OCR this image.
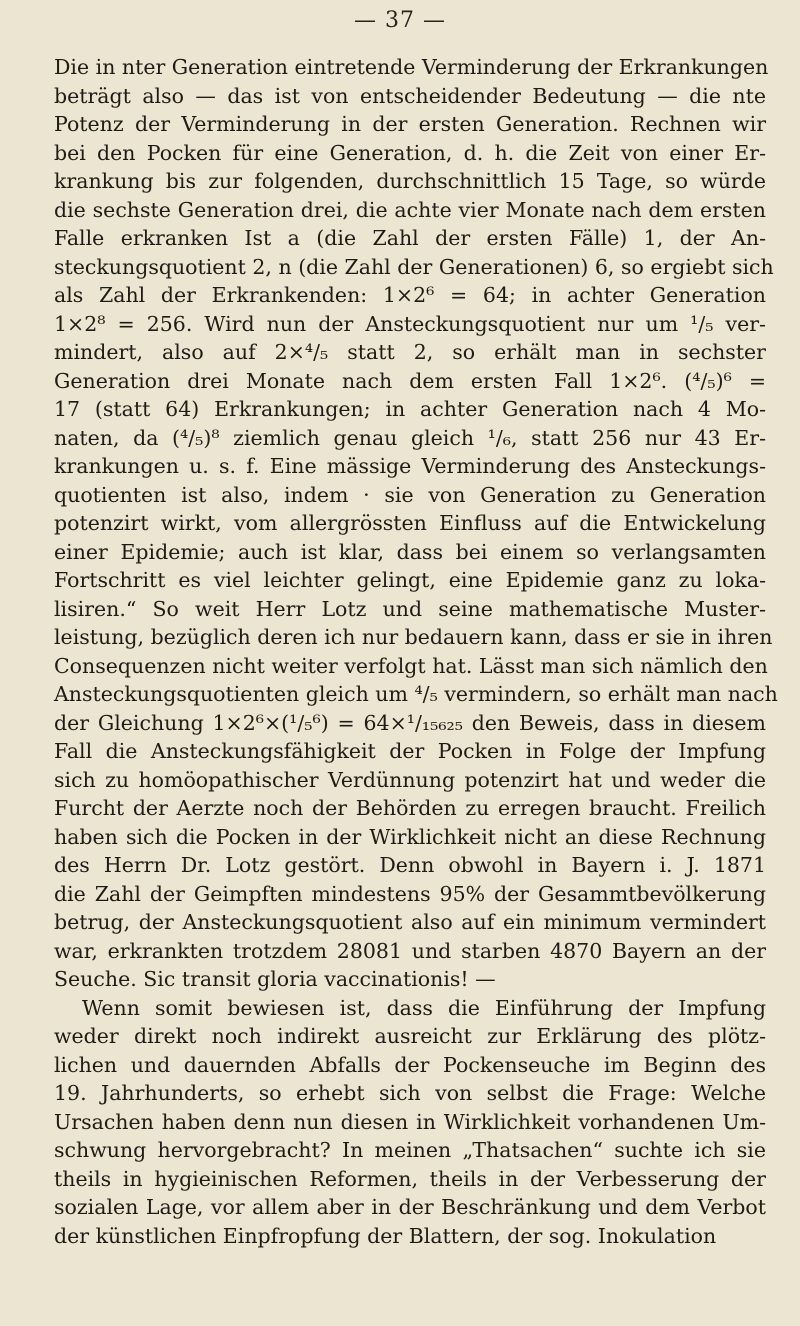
— 37 —
Die in nter Generation eintretende Verminderung der Erkrankungen
beträgt also — das ist von entscheidender Bedeutung — die nte
Potenz der Verminderung in der ersten Generation. Rechnen wir
bei den Pocken für eine Generation, d. h. die Zeit von einer Er-
krankung bis zur folgenden, durchschnittlich 15 Tage, so würde
die sechste Generation drei, die achte vier Monate nach dem ersten
Falle erkranken Ist a (die Zahl der ersten Fälle) 1, der An-
steckungsquotient 2, n (die Zahl der Generationen) 6, so ergiebt sich
als Zahl der Erkrankenden: 1×2⁶ = 64; in achter Generation
1×2⁸ = 256. Wird nun der Ansteckungsquotient nur um ¹/₅ ver-
mindert, also auf 2×⁴/₅ statt 2, so erhält man in sechster
Generation drei Monate nach dem ersten Fall 1×2⁶. (⁴/₅)⁶ =
17 (statt 64) Erkrankungen; in achter Generation nach 4 Mo-
naten, da (⁴/₅)⁸ ziemlich genau gleich ¹/₆, statt 256 nur 43 Er-
krankungen u. s. f. Eine mässige Verminderung des Ansteckungs-
quotienten ist also, indem · sie von Generation zu Generation
potenzirt wirkt, vom allergrössten Einfluss auf die Entwickelung
einer Epidemie; auch ist klar, dass bei einem so verlangsamten
Fortschritt es viel leichter gelingt, eine Epidemie ganz zu loka-
lisiren.“ So weit Herr Lotz und seine mathematische Muster-
leistung, bezüglich deren ich nur bedauern kann, dass er sie in ihren
Consequenzen nicht weiter verfolgt hat. Lässt man sich nämlich den
Ansteckungsquotienten gleich um ⁴/₅ vermindern, so erhält man nach
der Gleichung 1×2⁶×(¹/₅⁶) = 64×¹/₁₅₆₂₅ den Beweis, dass in diesem
Fall die Ansteckungsfähigkeit der Pocken in Folge der Impfung
sich zu homöopathischer Verdünnung potenzirt hat und weder die
Furcht der Aerzte noch der Behörden zu erregen braucht. Freilich
haben sich die Pocken in der Wirklichkeit nicht an diese Rechnung
des Herrn Dr. Lotz gestört. Denn obwohl in Bayern i. J. 1871
die Zahl der Geimpften mindestens 95% der Gesammtbevölkerung
betrug, der Ansteckungsquotient also auf ein minimum vermindert
war, erkrankten trotzdem 28081 und starben 4870 Bayern an der
Seuche. Sic transit gloria vaccinationis! —
Wenn somit bewiesen ist, dass die Einführung der Impfung
weder direkt noch indirekt ausreicht zur Erklärung des plötz-
lichen und dauernden Abfalls der Pockenseuche im Beginn des
19. Jahrhunderts, so erhebt sich von selbst die Frage: Welche
Ursachen haben denn nun diesen in Wirklichkeit vorhandenen Um-
schwung hervorgebracht? In meinen „Thatsachen“ suchte ich sie
theils in hygieinischen Reformen, theils in der Verbesserung der
sozialen Lage, vor allem aber in der Beschränkung und dem Verbot
der künstlichen Einpfropfung der Blattern, der sog. Inokulation
